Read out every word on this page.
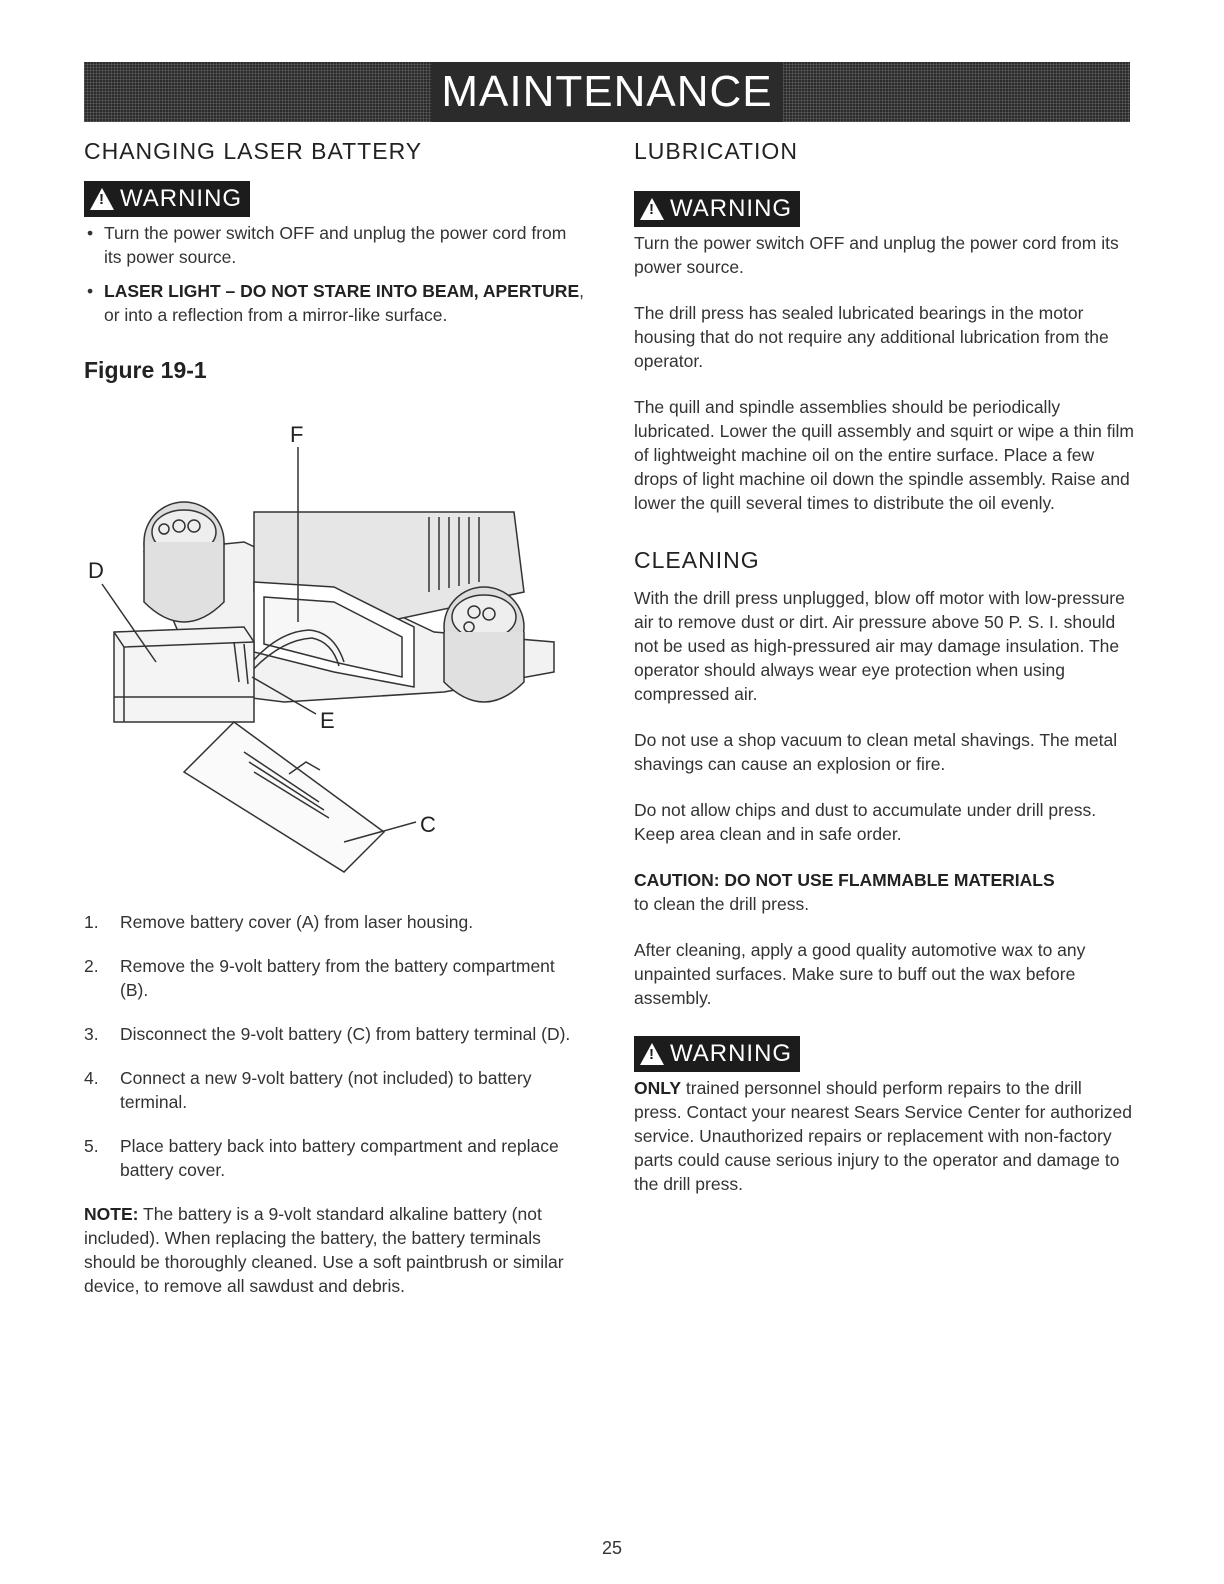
MAINTENANCE
CHANGING LASER BATTERY
! WARNING
• Turn the power switch OFF and unplug the power cord from its power source.
• LASER LIGHT – DO NOT STARE INTO BEAM, APERTURE, or into a reflection from a mirror-like surface.
Figure 19-1
F
D
E
C
1.	Remove battery cover (A) from laser housing.
2.	Remove the 9-volt battery from the battery compartment (B).
3.	Disconnect the 9-volt battery (C) from battery terminal (D).
4.	Connect a new 9-volt battery (not included) to battery terminal.
5.	Place battery back into battery compartment and replace battery cover.

NOTE: The battery is a 9-volt standard alkaline battery (not included). When replacing the battery, the battery terminals should be thoroughly cleaned. Use a soft paintbrush or similar device, to remove all sawdust and debris.

LUBRICATION
! WARNING

Turn the power switch OFF and unplug the power cord from its power source.

The drill press has sealed lubricated bearings in the motor housing that do not require any additional lubrication from the operator.

The quill and spindle assemblies should be periodically lubricated. Lower the quill assembly and squirt or wipe a thin film of lightweight machine oil on the entire surface. Place a few drops of light machine oil down the spindle assembly. Raise and lower the quill several times to distribute the oil evenly.

CLEANING

With the drill press unplugged, blow off motor with low-pressure air to remove dust or dirt. Air pressure above 50 P. S. I. should not be used as high-pressured air may damage insulation. The operator should always wear eye protection when using compressed air.

Do not use a shop vacuum to clean metal shavings. The metal shavings can cause an explosion or fire.

Do not allow chips and dust to accumulate under drill press. Keep area clean and in safe order.

CAUTION: DO NOT USE FLAMMABLE MATERIALS
to clean the drill press.

After cleaning, apply a good quality automotive wax to any unpainted surfaces. Make sure to buff out the wax before assembly.

! WARNING

ONLY trained personnel should perform repairs to the drill press. Contact your nearest Sears Service Center for authorized service. Unauthorized repairs or replacement with non-factory parts could cause serious injury to the operator and damage to the drill press.

25
